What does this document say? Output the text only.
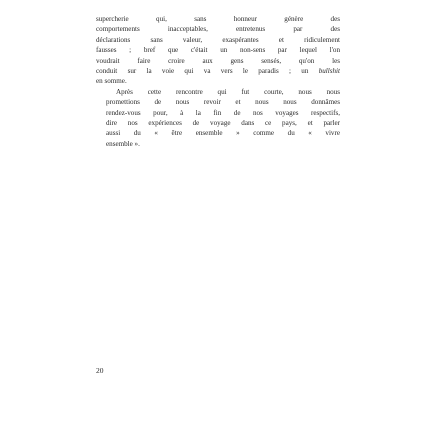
supercherie qui, sans honneur génère des
comportements inacceptables, entretenus par des
déclarations sans valeur, exaspérantes et ridiculement
fausses ; bref que c'était un non-sens par lequel l'on
voudrait faire croire aux gens sensés, qu'on les
conduit sur la voie qui va vers le paradis ; un bullshit
en somme.
Après cette rencontre qui fut courte, nous nous
promettions de nous revoir et nous nous donnâmes
rendez-vous pour, à la fin de nos voyages respectifs,
dire nos expériences de voyage dans ce pays, et parler
aussi du « être ensemble » comme du « vivre
ensemble ».
20
